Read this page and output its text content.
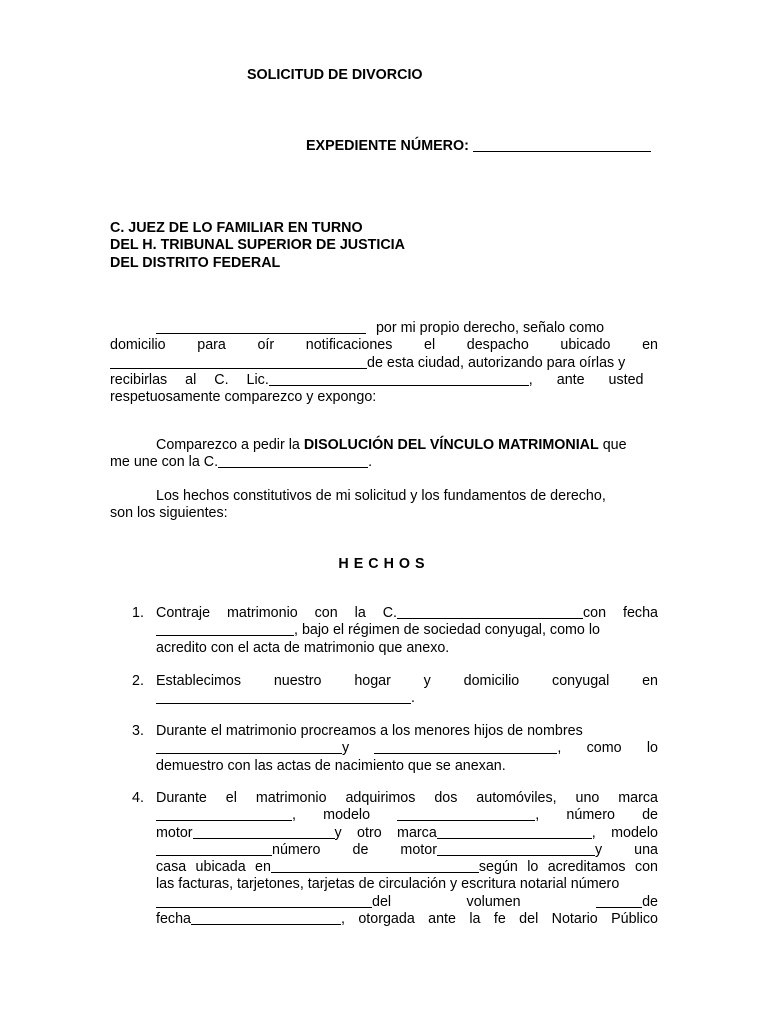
SOLICITUD DE DIVORCIO
EXPEDIENTE NÚMERO:
C. JUEZ DE LO FAMILIAR EN TURNO
DEL H. TRIBUNAL SUPERIOR DE JUSTICIA
DEL DISTRITO FEDERAL
por mi propio derecho, señalo como
domicilio para oír notificaciones el despacho ubicado en
de esta ciudad, autorizando para oírlas y
recibirlas al C. Lic.	, ante usted
respetuosamente comparezco y expongo:
Comparezco a pedir la DISOLUCIÓN DEL VÍNCULO MATRIMONIAL que
me une con la C.	.
Los hechos constitutivos de mi solicitud y los fundamentos de derecho,
son los siguientes:
HECHOS
1. Contraje matrimonio con la C.	con fecha
, bajo el régimen de sociedad conyugal, como lo
acredito con el acta de matrimonio que anexo.
2. Establecimos nuestro hogar y domicilio conyugal en
.
3. Durante el matrimonio procreamos a los menores hijos de nombres
y	, como lo
demuestro con las actas de nacimiento que se anexan.
4. Durante el matrimonio adquirimos dos automóviles, uno marca
, modelo	, número de
motor	y otro marca	, modelo
número de motor	y una
casa ubicada en	según lo acreditamos con
las facturas, tarjetones, tarjetas de circulación y escritura notarial número
del volumen	de
fecha	, otorgada ante la fe del Notario Público
